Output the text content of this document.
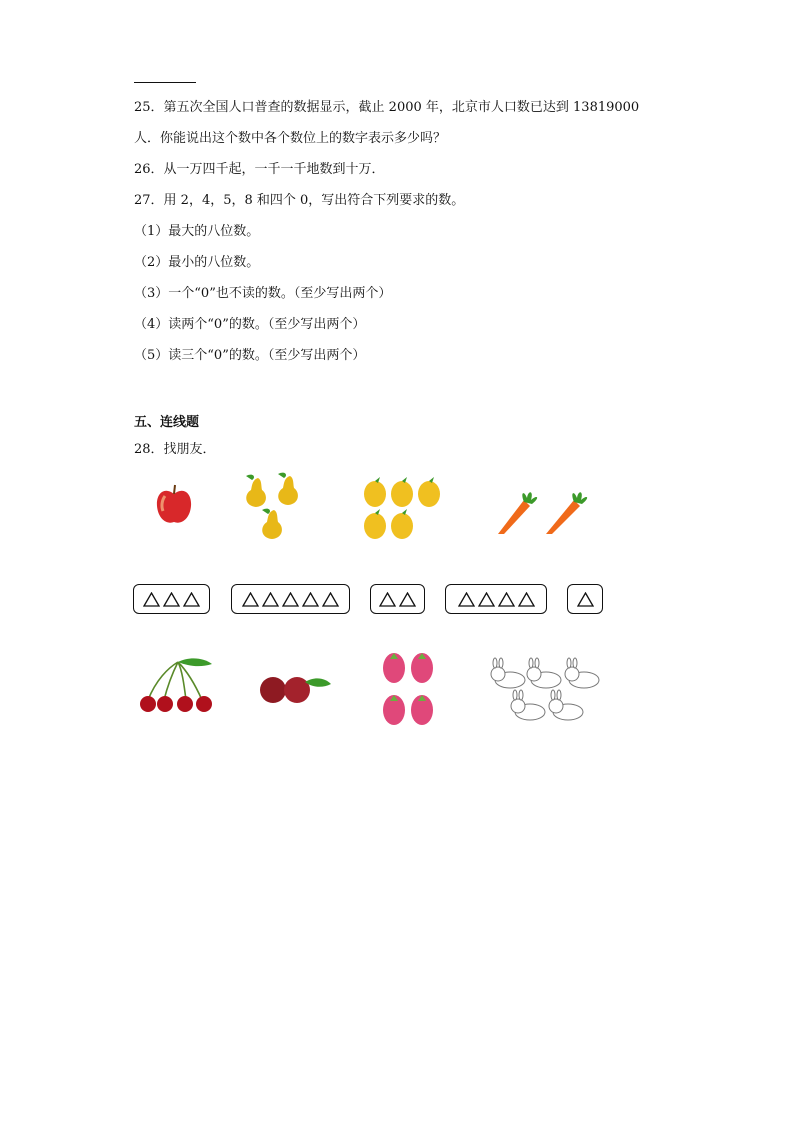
25．第五次全国人口普查的数据显示，截止 2000 年，北京市人口数已达到 13819000
人．你能说出这个数中各个数位上的数字表示多少吗？
26．从一万四千起，一千一千地数到十万．
27．用 2，4，5，8 和四个 0，写出符合下列要求的数。
（1）最大的八位数。
（2）最小的八位数。
（3）一个“0”也不读的数。（至少写出两个）
（4）读两个“0”的数。（至少写出两个）
（5）读三个“0”的数。（至少写出两个）
五、连线题
28．找朋友．
